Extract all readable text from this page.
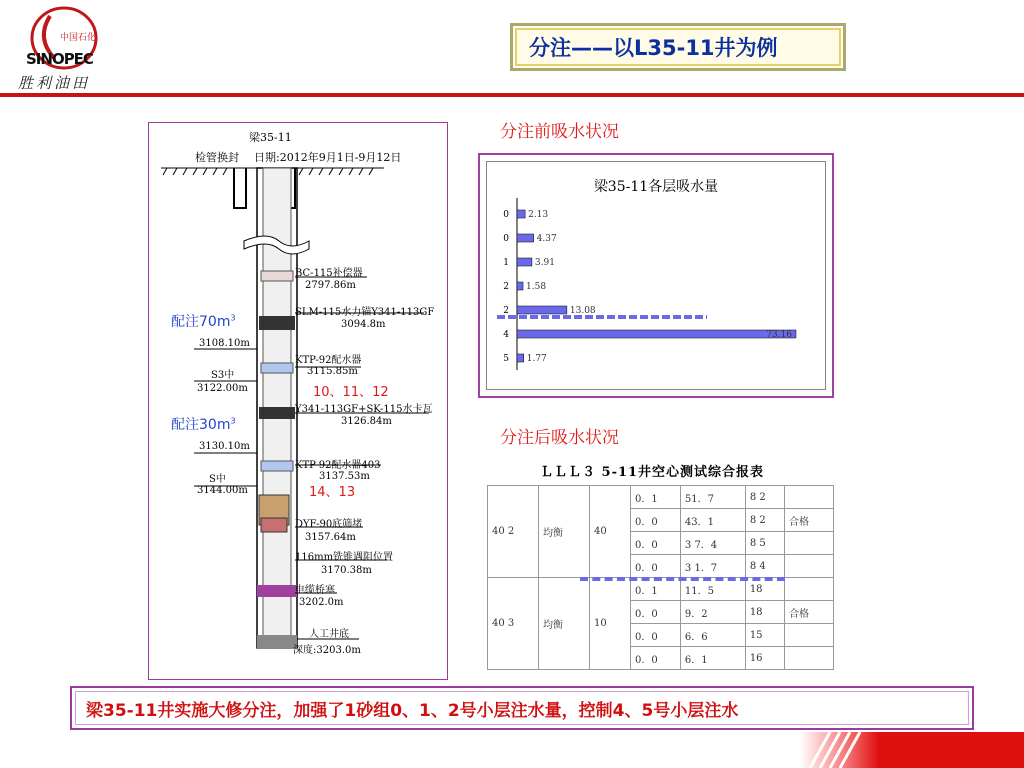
中国石化
SINOPEC
胜利油田
分注——以L35-11井为例
分注前吸水状况
分注后吸水状况
梁35-11各层吸水量
0 2.13
0	4.37
1	3.91
2 1.58
2	13.08
4	73.16
5 1.77
ＬＬＬ３ 5-11井空心测试综合报表
40 2	均衡	40	0．1	51．7	8 2	
			0．0	43．1	8 2	合格
			0．0	3 7．4	8 5	
			0．0	3 1．7	8 4	
40 3	均衡	10	0．1	11．5	18	
			0．0	9．2	18	合格
			0．0	6．6	15	
			0．0	6．1	16	
梁35-11
检管换封 日期:2012年9月1日-9月12日
BC-115补偿器
2797.86m
SLM-115水力锚Y341-113GF
3094.8m
3108.10m
KTP-92配水器
3115.85m
S3中
3122.00m
Y341-113GF+SK-115水卡瓦
3126.84m
3130.10m
KTP-92配水器403
3137.53m
S中
3144.00m
DYF-90底筛堵
3157.64m
116mm铣锥遇阻位置
3170.38m
电缆桥塞
3202.0m
人工井底
深度:3203.0m
配注$70m^3$
配注$30m^3$
10、11、12
14、13
梁35-11井实施大修分注，加强了1砂组0、1、2号小层注水量，控制4、5号小层注水
